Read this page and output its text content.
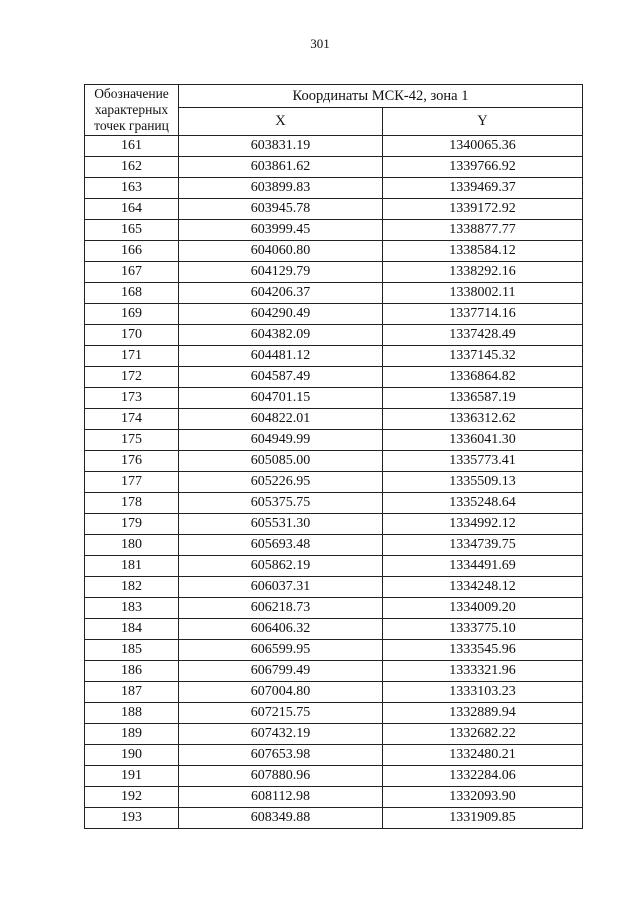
301
Обозначение характерных точек границ	Координаты МСК-42, зона 1	
	X	Y
161	603831.19	1340065.36
162	603861.62	1339766.92
163	603899.83	1339469.37
164	603945.78	1339172.92
165	603999.45	1338877.77
166	604060.80	1338584.12
167	604129.79	1338292.16
168	604206.37	1338002.11
169	604290.49	1337714.16
170	604382.09	1337428.49
171	604481.12	1337145.32
172	604587.49	1336864.82
173	604701.15	1336587.19
174	604822.01	1336312.62
175	604949.99	1336041.30
176	605085.00	1335773.41
177	605226.95	1335509.13
178	605375.75	1335248.64
179	605531.30	1334992.12
180	605693.48	1334739.75
181	605862.19	1334491.69
182	606037.31	1334248.12
183	606218.73	1334009.20
184	606406.32	1333775.10
185	606599.95	1333545.96
186	606799.49	1333321.96
187	607004.80	1333103.23
188	607215.75	1332889.94
189	607432.19	1332682.22
190	607653.98	1332480.21
191	607880.96	1332284.06
192	608112.98	1332093.90
193	608349.88	1331909.85
